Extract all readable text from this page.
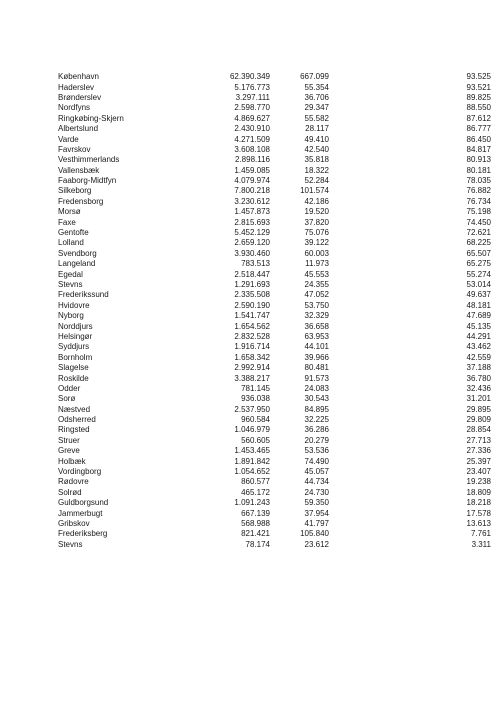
København	62.390.349	667.099	93.525
Haderslev	5.176.773	55.354	93.521
Brønderslev	3.297.111	36.706	89.825
Nordfyns	2.598.770	29.347	88.550
Ringkøbing-Skjern	4.869.627	55.582	87.612
Albertslund	2.430.910	28.117	86.777
Varde	4.271.509	49.410	86.450
Favrskov	3.608.108	42.540	84.817
Vesthimmerlands	2.898.116	35.818	80.913
Vallensbæk	1.459.085	18.322	80.181
Faaborg-Midtfyn	4.079.974	52.284	78.035
Silkeborg	7.800.218	101.574	76.882
Fredensborg	3.230.612	42.186	76.734
Morsø	1.457.873	19.520	75.198
Faxe	2.815.693	37.820	74.450
Gentofte	5.452.129	75.076	72.621
Lolland	2.659.120	39.122	68.225
Svendborg	3.930.460	60.003	65.507
Langeland	783.513	11.973	65.275
Egedal	2.518.447	45.553	55.274
Stevns	1.291.693	24.355	53.014
Frederikssund	2.335.508	47.052	49.637
Hvidovre	2.590.190	53.750	48.181
Nyborg	1.541.747	32.329	47.689
Norddjurs	1.654.562	36.658	45.135
Helsingør	2.832.528	63.953	44.291
Syddjurs	1.916.714	44.101	43.462
Bornholm	1.658.342	39.966	42.559
Slagelse	2.992.914	80.481	37.188
Roskilde	3.388.217	91.573	36.780
Odder	781.145	24.083	32.436
Sorø	936.038	30.543	31.201
Næstved	2.537.950	84.895	29.895
Odsherred	960.584	32.225	29.809
Ringsted	1.046.979	36.286	28.854
Struer	560.605	20.279	27.713
Greve	1.453.465	53.536	27.336
Holbæk	1.891.842	74.490	25.397
Vordingborg	1.054.652	45.057	23.407
Rødovre	860.577	44.734	19.238
Solrød	465.172	24.730	18.809
Guldborgsund	1.091.243	59.350	18.218
Jammerbugt	667.139	37.954	17.578
Gribskov	568.988	41.797	13.613
Frederiksberg	821.421	105.840	7.761
Stevns	78.174	23.612	3.311
